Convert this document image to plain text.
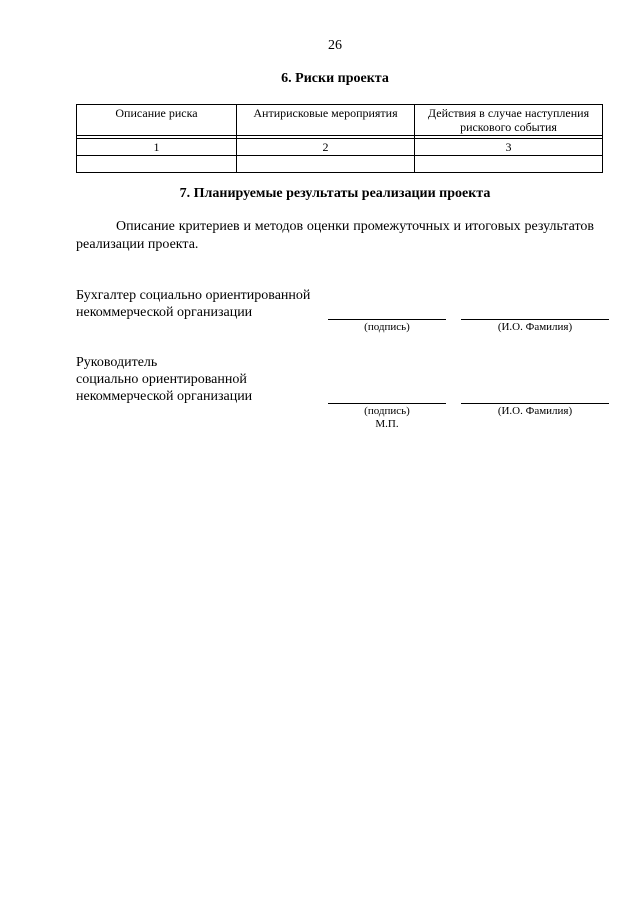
26
6. Риски проекта
Описание риска	Антирисковые мероприятия	Действия в случае наступления рискового события

1	2	3

7. Планируемые результаты реализации проекта
Описание критериев и методов оценки промежуточных и итоговых результатов реализации проекта.
Бухгалтер социально ориентированной
некоммерческой организации
(подпись)	(И.О. Фамилия)
Руководитель
социально ориентированной
некоммерческой организации
(подпись)	(И.О. Фамилия)
М.П.
